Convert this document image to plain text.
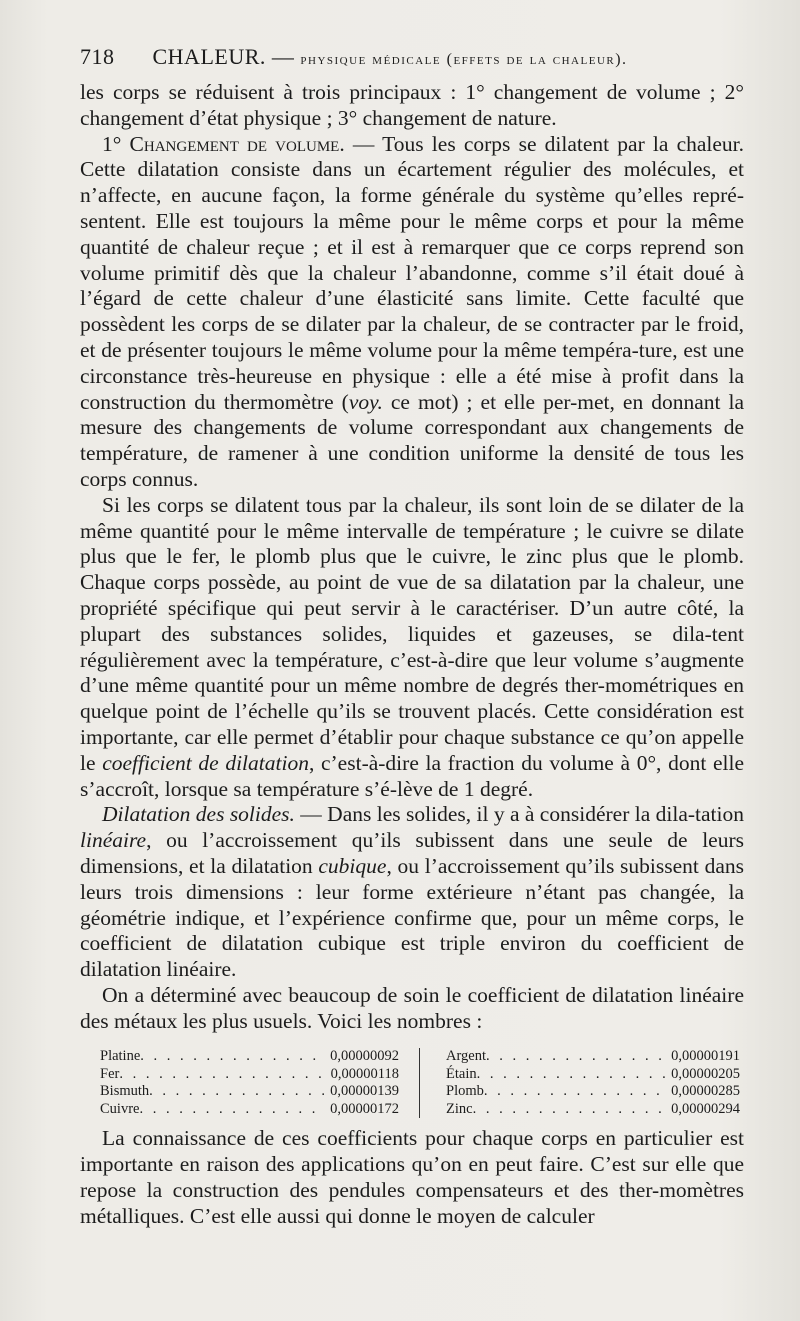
718 CHALEUR. — physique médicale (effets de la chaleur).

les corps se réduisent à trois principaux : 1° changement de volume ; 2° changement d’état physique ; 3° changement de nature.

1° Changement de volume. — Tous les corps se dilatent par la chaleur. Cette dilatation consiste dans un écartement régulier des molécules, et n’affecte, en aucune façon, la forme générale du système qu’elles repré-sentent. Elle est toujours la même pour le même corps et pour la même quantité de chaleur reçue ; et il est à remarquer que ce corps reprend son volume primitif dès que la chaleur l’abandonne, comme s’il était doué à l’égard de cette chaleur d’une élasticité sans limite. Cette faculté que possèdent les corps de se dilater par la chaleur, de se contracter par le froid, et de présenter toujours le même volume pour la même tempéra-ture, est une circonstance très-heureuse en physique : elle a été mise à profit dans la construction du thermomètre (voy. ce mot) ; et elle per-met, en donnant la mesure des changements de volume correspondant aux changements de température, de ramener à une condition uniforme la densité de tous les corps connus.

Si les corps se dilatent tous par la chaleur, ils sont loin de se dilater de la même quantité pour le même intervalle de température ; le cuivre se dilate plus que le fer, le plomb plus que le cuivre, le zinc plus que le plomb. Chaque corps possède, au point de vue de sa dilatation par la chaleur, une propriété spécifique qui peut servir à le caractériser. D’un autre côté, la plupart des substances solides, liquides et gazeuses, se dila-tent régulièrement avec la température, c’est-à-dire que leur volume s’augmente d’une même quantité pour un même nombre de degrés ther-mométriques en quelque point de l’échelle qu’ils se trouvent placés. Cette considération est importante, car elle permet d’établir pour chaque substance ce qu’on appelle le coefficient de dilatation, c’est-à-dire la fraction du volume à 0°, dont elle s’accroît, lorsque sa température s’é-lève de 1 degré.

Dilatation des solides. — Dans les solides, il y a à considérer la dila-tation linéaire, ou l’accroissement qu’ils subissent dans une seule de leurs dimensions, et la dilatation cubique, ou l’accroissement qu’ils subissent dans leurs trois dimensions : leur forme extérieure n’étant pas changée, la géométrie indique, et l’expérience confirme que, pour un même corps, le coefficient de dilatation cubique est triple environ du coefficient de dilatation linéaire.

On a déterminé avec beaucoup de soin le coefficient de dilatation linéaire des métaux les plus usuels. Voici les nombres :

Platine . . .	0,00000092
Fer . . .	0,00000118
Bismuth . . .	0,00000139
Cuivre . . .	0,00000172
Argent . . .	0,00000191
Étain . . .	0,00000205
Plomb . . .	0,00000285
Zinc . . .	0,00000294

La connaissance de ces coefficients pour chaque corps en particulier est importante en raison des applications qu’on en peut faire. C’est sur elle que repose la construction des pendules compensateurs et des ther-momètres métalliques. C’est elle aussi qui donne le moyen de calculer
